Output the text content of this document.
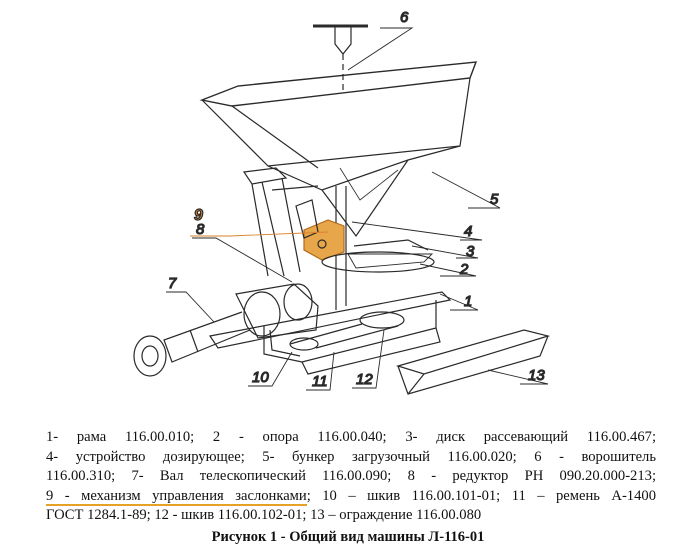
6
5
4
3
2
1
9
8
7
10	11 12	13
1- рама 116.00.010; 2 - опора 116.00.040; 3- диск рассевающий 116.00.467;
4- устройство дозирующее; 5- бункер загрузочный 116.00.020; 6 - ворошитель
116.00.310; 7- Вал телескопический 116.00.090; 8 - редуктор РН 090.20.000-213;
9 - механизм управления заслонками; 10 – шкив 116.00.101-01; 11 – ремень А-1400
ГОСТ 1284.1-89; 12 - шкив 116.00.102-01; 13 – ограждение 116.00.080
Рисунок 1 - Общий вид машины Л-116-01
